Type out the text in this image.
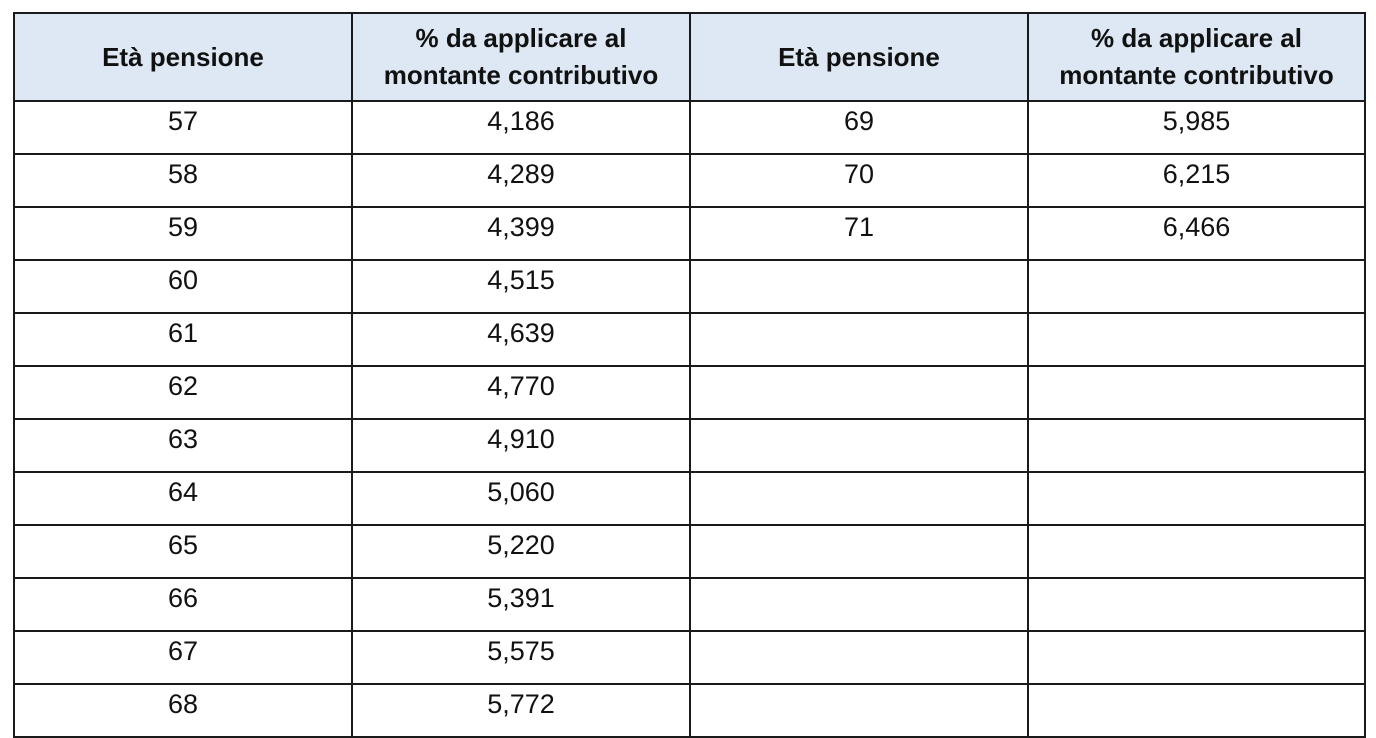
Età pensione	% da applicare al
montante contributivo	Età pensione	% da applicare al
montante contributivo
57	4,186	69	5,985
58	4,289	70	6,215
59	4,399	71	6,466
60	4,515		
61	4,639		
62	4,770		
63	4,910		
64	5,060		
65	5,220		
66	5,391		
67	5,575		
68	5,772		
